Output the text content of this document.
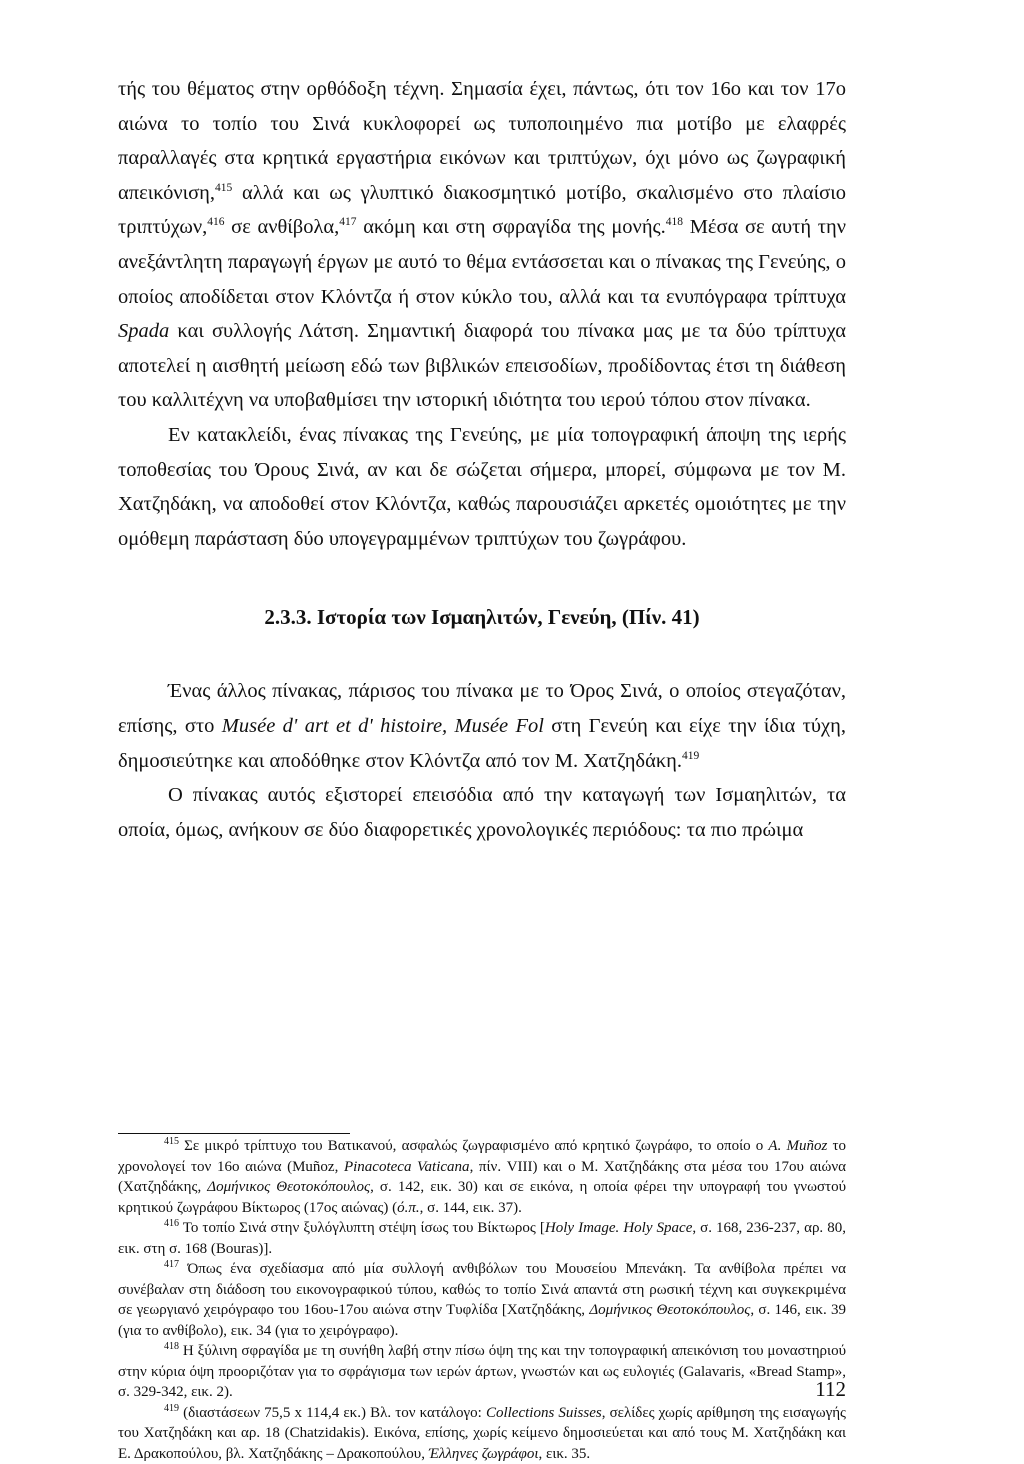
τής του θέματος στην ορθόδοξη τέχνη. Σημασία έχει, πάντως, ότι τον 16ο και τον 17ο αιώνα το τοπίο του Σινά κυκλοφορεί ως τυποποιημένο πια μοτίβο με ελαφρές παραλλαγές στα κρητικά εργαστήρια εικόνων και τριπτύχων, όχι μόνο ως ζωγραφική απεικόνιση,$^{415}$ αλλά και ως γλυπτικό διακοσμητικό μοτίβο, σκαλισμένο στο πλαίσιο τριπτύχων,$^{416}$ σε ανθίβολα,$^{417}$ ακόμη και στη σφραγίδα της μονής.$^{418}$ Μέσα σε αυτή την ανεξάντλητη παραγωγή έργων με αυτό το θέμα εντάσσεται και ο πίνακας της Γενεύης, ο οποίος αποδίδεται στον Κλόντζα ή στον κύκλο του, αλλά και τα ενυπόγραφα τρίπτυχα Spada και συλλογής Λάτση. Σημαντική διαφορά του πίνακα μας με τα δύο τρίπτυχα αποτελεί η αισθητή μείωση εδώ των βιβλικών επεισοδίων, προδίδοντας έτσι τη διάθεση του καλλιτέχνη να υποβαθμίσει την ιστορική ιδιότητα του ιερού τόπου στον πίνακα.

Εν κατακλείδι, ένας πίνακας της Γενεύης, με μία τοπογραφική άποψη της ιερής τοποθεσίας του Όρους Σινά, αν και δε σώζεται σήμερα, μπορεί, σύμφωνα με τον Μ. Χατζηδάκη, να αποδοθεί στον Κλόντζα, καθώς παρουσιάζει αρκετές ομοιότητες με την ομόθεμη παράσταση δύο υπογεγραμμένων τριπτύχων του ζωγράφου.

2.3.3. Ιστορία των Ισμαηλιτών, Γενεύη, (Πίν. 41)

Ένας άλλος πίνακας, πάρισος του πίνακα με το Όρος Σινά, ο οποίος στεγαζόταν, επίσης, στο Musée d' art et d' histoire, Musée Fol στη Γενεύη και είχε την ίδια τύχη, δημοσιεύτηκε και αποδόθηκε στον Κλόντζα από τον Μ. Χατζηδάκη.$^{419}$

Ο πίνακας αυτός εξιστορεί επεισόδια από την καταγωγή των Ισμαηλιτών, τα οποία, όμως, ανήκουν σε δύο διαφορετικές χρονολογικές περιόδους: τα πιο πρώιμα

$^{415}$ Σε μικρό τρίπτυχο του Βατικανού, ασφαλώς ζωγραφισμένο από κρητικό ζωγράφο, το οποίο ο A. Muñoz το χρονολογεί τον 16ο αιώνα (Muñoz, Pinacoteca Vaticana, πίν. VIII) και ο Μ. Χατζηδάκης στα μέσα του 17ου αιώνα (Χατζηδάκης, Δομήνικος Θεοτοκόπουλος, σ. 142, εικ. 30) και σε εικόνα, η οποία φέρει την υπογραφή του γνωστού κρητικού ζωγράφου Βίκτωρος (17ος αιώνας) (ό.π., σ. 144, εικ. 37).

$^{416}$ Το τοπίο Σινά στην ξυλόγλυπτη στέψη ίσως του Βίκτωρος [Holy Image. Holy Space, σ. 168, 236-237, αρ. 80, εικ. στη σ. 168 (Bouras)].

$^{417}$ Όπως ένα σχεδίασμα από μία συλλογή ανθιβόλων του Μουσείου Μπενάκη. Τα ανθίβολα πρέπει να συνέβαλαν στη διάδοση του εικονογραφικού τύπου, καθώς το τοπίο Σινά απαντά στη ρωσική τέχνη και συγκεκριμένα σε γεωργιανό χειρόγραφο του 16ου-17ου αιώνα στην Τυφλίδα [Χατζηδάκης, Δομήνικος Θεοτοκόπουλος, σ. 146, εικ. 39 (για το ανθίβολο), εικ. 34 (για το χειρόγραφο).

$^{418}$ Η ξύλινη σφραγίδα με τη συνήθη λαβή στην πίσω όψη της και την τοπογραφική απεικόνιση του μοναστηριού στην κύρια όψη προοριζόταν για το σφράγισμα των ιερών άρτων, γνωστών και ως ευλογιές (Galavaris, «Bread Stamp», σ. 329-342, εικ. 2).

$^{419}$ (διαστάσεων 75,5 x 114,4 εκ.) Βλ. τον κατάλογο: Collections Suisses, σελίδες χωρίς αρίθμηση της εισαγωγής του Χατζηδάκη και αρ. 18 (Chatzidakis). Εικόνα, επίσης, χωρίς κείμενο δημοσιεύεται και από τους Μ. Χατζηδάκη και Ε. Δρακοπούλου, βλ. Χατζηδάκης – Δρακοπούλου, Έλληνες ζωγράφοι, εικ. 35.

112
